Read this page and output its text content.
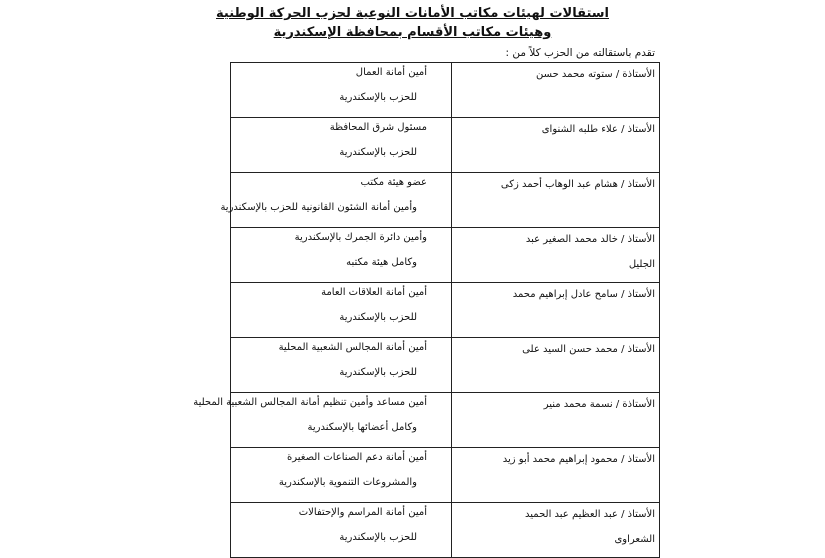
استقالات لهيئات مكاتب الأمانات النوعية لحزب الحركة الوطنية
وهيئات مكاتب الأقسام بمحافظة الإسكندرية
تقدم باستقالته من الحزب كلاً من :
الأستاذة / ستوته محمد حسن	أمين أمانة العمال
للحزب بالإسكندرية

الأستاذ / علاء طلبه الشنواى	مسئول شرق المحافظة
للحزب بالإسكندرية

الأستاذ / هشام عبد الوهاب أحمد زكى	عضو هيئة مكتب
وأمين أمانة الشئون القانونية للحزب بالإسكندرية

الأستاذ / خالد محمد الصغير عبد
الجليل	وأمين دائرة الجمرك بالإسكندرية
وكامل هيئة مكتبه

الأستاذ / سامح عادل إبراهيم محمد	أمين أمانة العلاقات العامة
للحزب بالإسكندرية

الأستاذ / محمد حسن السيد على	أمين أمانة المجالس الشعبية المحلية
للحزب بالإسكندرية

الأستاذة / نسمة محمد منير	أمين مساعد وأمين تنظيم أمانة المجالس الشعبية المحلية
وكامل أعضائها بالإسكندرية

الأستاذ / محمود إبراهيم محمد أبو زيد	أمين أمانة دعم الصناعات الصغيرة
والمشروعات التنموية بالإسكندرية

الأستاذ / عبد العظيم عبد الحميد
الشعراوى	أمين أمانة المراسم والإحتفالات
للحزب بالإسكندرية
